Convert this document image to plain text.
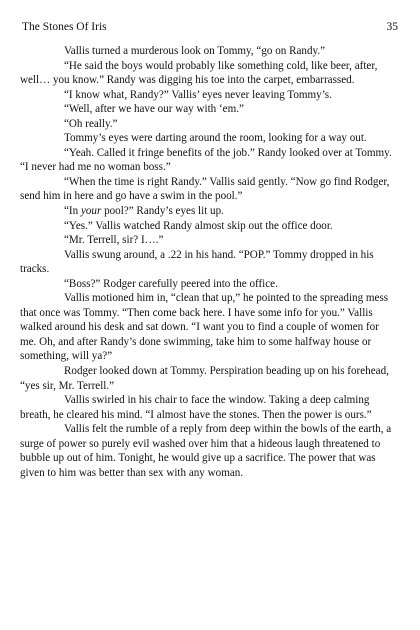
The Stones Of Iris	35

Vallis turned a murderous look on Tommy, “go on Randy.”

“He said the boys would probably like something cold, like beer, after, well… you know.” Randy was digging his toe into the carpet, embarrassed.

“I know what, Randy?” Vallis’ eyes never leaving Tommy’s.

“Well, after we have our way with ‘em.”

“Oh really.”

Tommy’s eyes were darting around the room, looking for a way out.

“Yeah. Called it fringe benefits of the job.” Randy looked over at Tommy. “I never had me no woman boss.”

“When the time is right Randy.” Vallis said gently. “Now go find Rodger, send him in here and go have a swim in the pool.”

“In your pool?” Randy’s eyes lit up.

“Yes.” Vallis watched Randy almost skip out the office door.

“Mr. Terrell, sir? I….”

Vallis swung around, a .22 in his hand. “POP.” Tommy dropped in his tracks.

“Boss?” Rodger carefully peered into the office.

Vallis motioned him in, “clean that up,” he pointed to the spreading mess that once was Tommy. “Then come back here. I have some info for you.” Vallis walked around his desk and sat down. “I want you to find a couple of women for me. Oh, and after Randy’s done swimming, take him to some halfway house or something, will ya?”

Rodger looked down at Tommy. Perspiration beading up on his forehead, “yes sir, Mr. Terrell.”

Vallis swirled in his chair to face the window. Taking a deep calming breath, he cleared his mind. “I almost have the stones. Then the power is ours.”

Vallis felt the rumble of a reply from deep within the bowls of the earth, a surge of power so purely evil washed over him that a hideous laugh threatened to bubble up out of him. Tonight, he would give up a sacrifice. The power that was given to him was better than sex with any woman.
